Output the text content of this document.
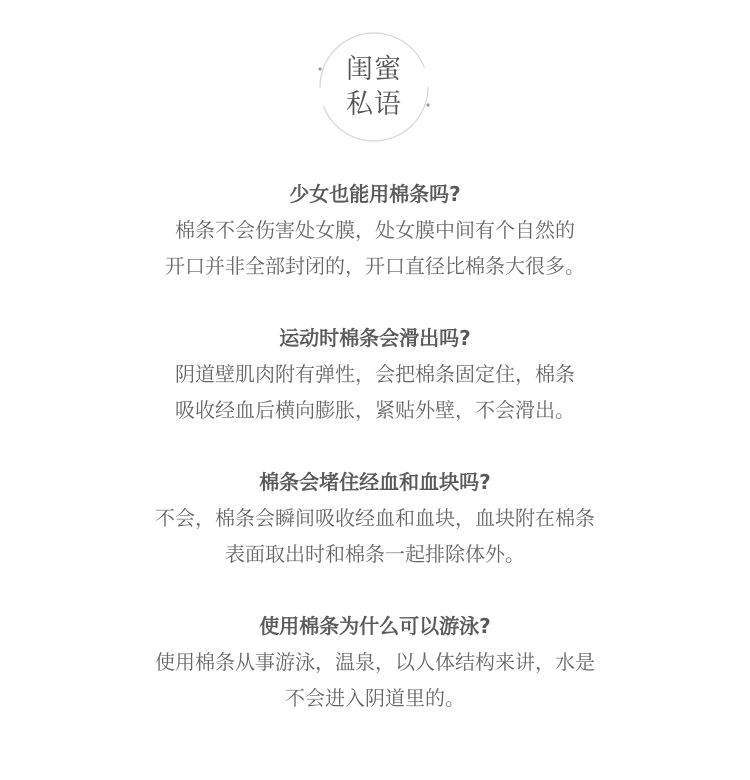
闺蜜
私语
少女也能用棉条吗?
棉条不会伤害处女膜，处女膜中间有个自然的
开口并非全部封闭的，开口直径比棉条大很多。
运动时棉条会滑出吗?
阴道壁肌肉附有弹性，会把棉条固定住，棉条
吸收经血后横向膨胀，紧贴外壁，不会滑出。
棉条会堵住经血和血块吗?
不会，棉条会瞬间吸收经血和血块，血块附在棉条
表面取出时和棉条一起排除体外。
使用棉条为什么可以游泳?
使用棉条从事游泳，温泉，以人体结构来讲，水是
不会进入阴道里的。
